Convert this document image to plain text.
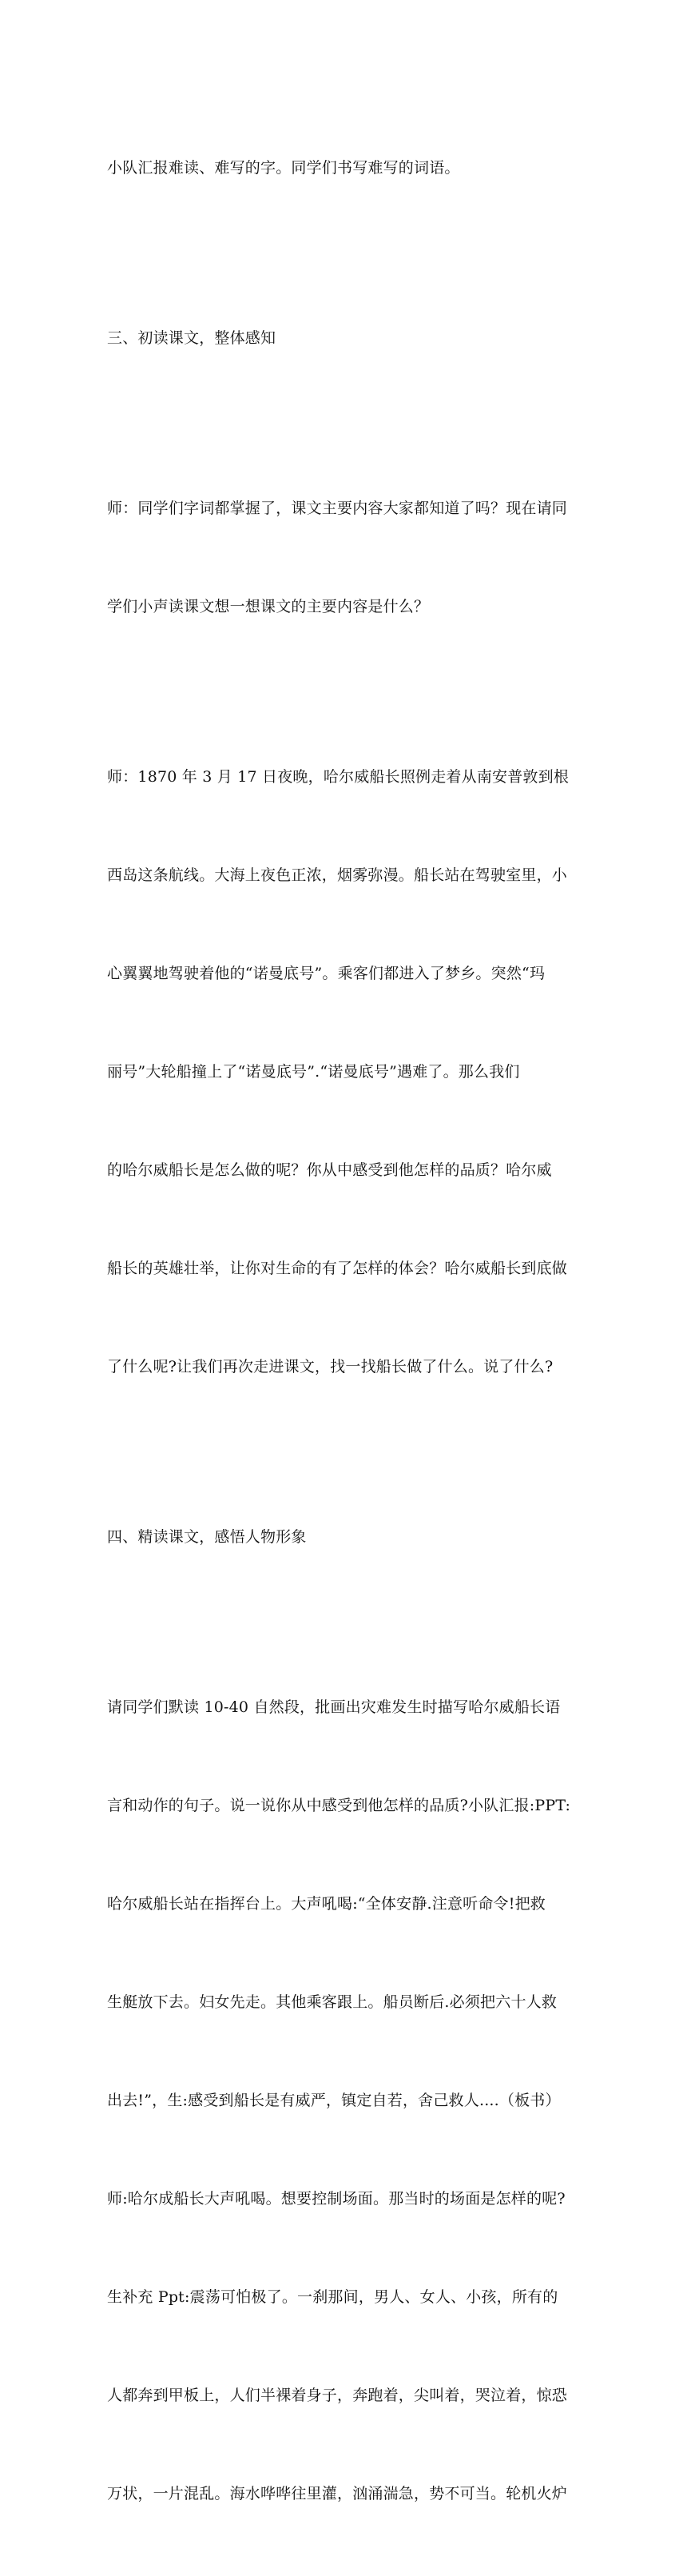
小队汇报难读、难写的字。同学们书写难写的词语。

三、初读课文，整体感知

师：同学们字词都掌握了，课文主要内容大家都知道了吗？现在请同

学们小声读课文想一想课文的主要内容是什么？

师：1870 年 3 月 17 日夜晚，哈尔威船长照例走着从南安普敦到根

西岛这条航线。大海上夜色正浓，烟雾弥漫。船长站在驾驶室里，小

心翼翼地驾驶着他的“诺曼底号”。乘客们都进入了梦乡。突然“玛

丽号”大轮船撞上了“诺曼底号”.“诺曼底号”遇难了。那么我们

的哈尔威船长是怎么做的呢？你从中感受到他怎样的品质？哈尔威

船长的英雄壮举，让你对生命的有了怎样的体会？哈尔威船长到底做

了什么呢?让我们再次走进课文，找一找船长做了什么。说了什么?

四、精读课文，感悟人物形象

请同学们默读 10-40 自然段，批画出灾难发生时描写哈尔威船长语

言和动作的句子。说一说你从中感受到他怎样的品质?小队汇报:PPT:

哈尔威船长站在指挥台上。大声吼喝:“全体安静.注意听命令!把救

生艇放下去。妇女先走。其他乘客跟上。船员断后.必须把六十人救

出去!”，生:感受到船长是有威严，镇定自若，舍己救人....（板书）

师:哈尔成船长大声吼喝。想要控制场面。那当时的场面是怎样的呢?

生补充 Ppt:震荡可怕极了。一刹那间，男人、女人、小孩，所有的

人都奔到甲板上，人们半裸着身子，奔跑着，尖叫着，哭泣着，惊恐

万状，一片混乱。海水哗哗往里灌，汹涌湍急，势不可当。轮机火炉
